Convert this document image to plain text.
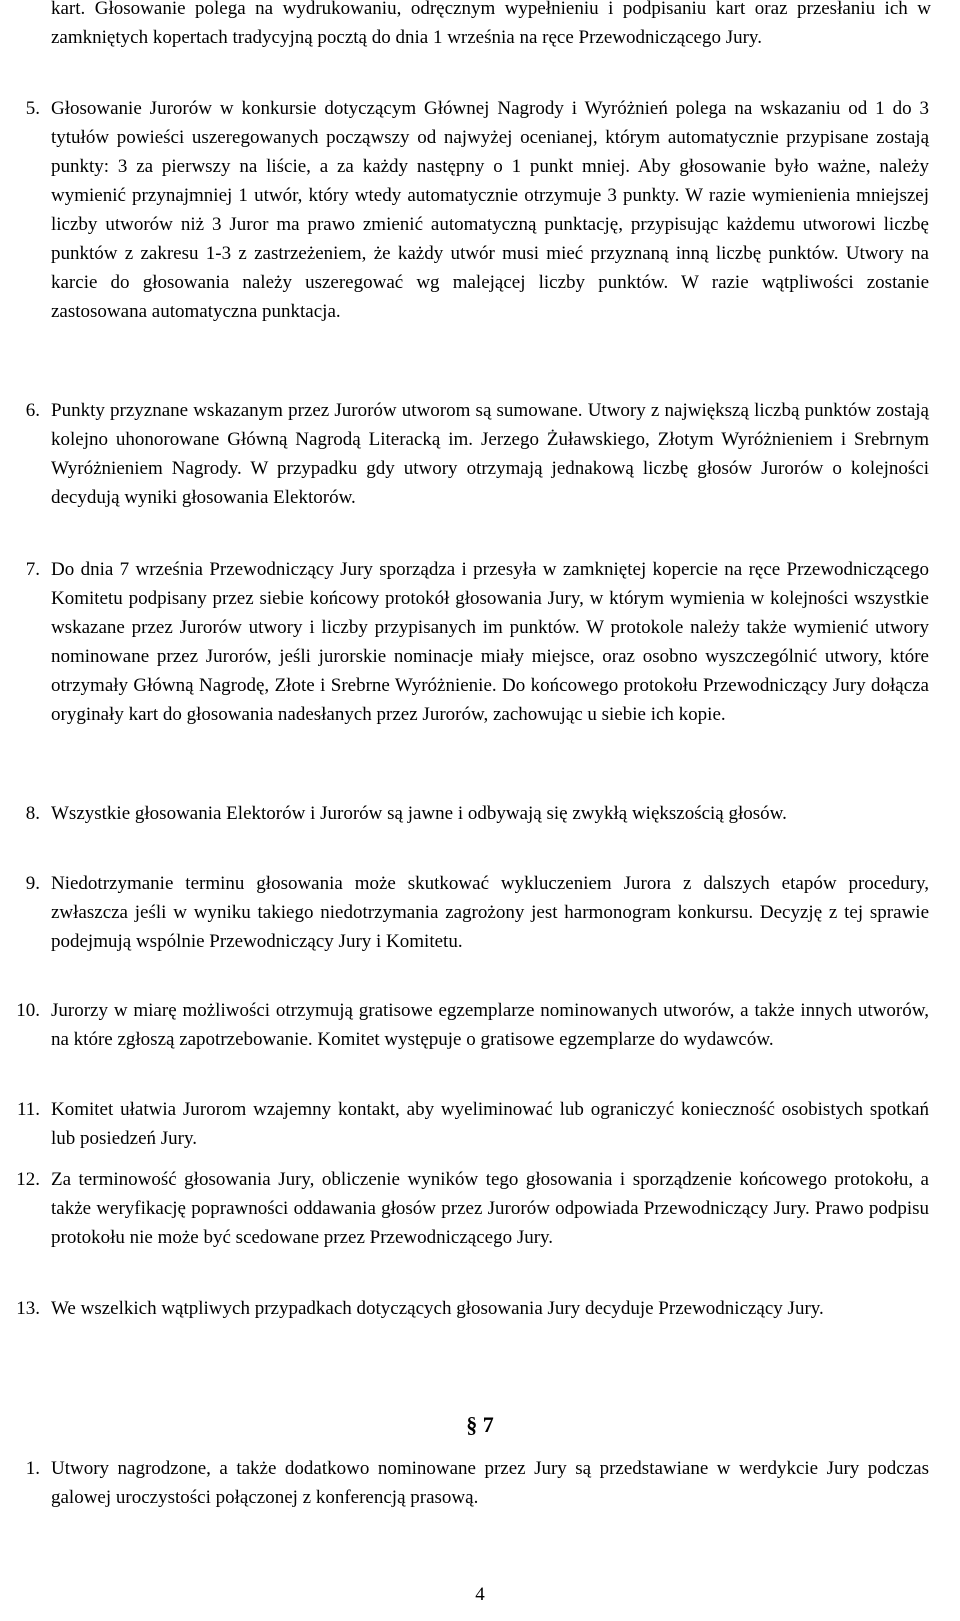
kart. Głosowanie polega na wydrukowaniu, odręcznym wypełnieniu i podpisaniu kart oraz przesłaniu ich w zamkniętych kopertach tradycyjną pocztą do dnia 1 września na ręce Przewodniczącego Jury.

5. Głosowanie Jurorów w konkursie dotyczącym Głównej Nagrody i Wyróżnień polega na wskazaniu od 1 do 3 tytułów powieści uszeregowanych począwszy od najwyżej ocenianej, którym automatycznie przypisane zostają punkty: 3 za pierwszy na liście, a za każdy następny o 1 punkt mniej. Aby głosowanie było ważne, należy wymienić przynajmniej 1 utwór, który wtedy automatycznie otrzymuje 3 punkty. W razie wymienienia mniejszej liczby utworów niż 3 Juror ma prawo zmienić automatyczną punktację, przypisując każdemu utworowi liczbę punktów z zakresu 1-3 z zastrzeżeniem, że każdy utwór musi mieć przyznaną inną liczbę punktów. Utwory na karcie do głosowania należy uszeregować wg malejącej liczby punktów. W razie wątpliwości zostanie zastosowana automatyczna punktacja.

6. Punkty przyznane wskazanym przez Jurorów utworom są sumowane. Utwory z największą liczbą punktów zostają kolejno uhonorowane Główną Nagrodą Literacką im. Jerzego Żuławskiego, Złotym Wyróżnieniem i Srebrnym Wyróżnieniem Nagrody. W przypadku gdy utwory otrzymają jednakową liczbę głosów Jurorów o kolejności decydują wyniki głosowania Elektorów.

7. Do dnia 7 września Przewodniczący Jury sporządza i przesyła w zamkniętej kopercie na ręce Przewodniczącego Komitetu podpisany przez siebie końcowy protokół głosowania Jury, w którym wymienia w kolejności wszystkie wskazane przez Jurorów utwory i liczby przypisanych im punktów. W protokole należy także wymienić utwory nominowane przez Jurorów, jeśli jurorskie nominacje miały miejsce, oraz osobno wyszczególnić utwory, które otrzymały Główną Nagrodę, Złote i Srebrne Wyróżnienie. Do końcowego protokołu Przewodniczący Jury dołącza oryginały kart do głosowania nadesłanych przez Jurorów, zachowując u siebie ich kopie.

8. Wszystkie głosowania Elektorów i Jurorów są jawne i odbywają się zwykłą większością głosów.

9. Niedotrzymanie terminu głosowania może skutkować wykluczeniem Jurora z dalszych etapów procedury, zwłaszcza jeśli w wyniku takiego niedotrzymania zagrożony jest harmonogram konkursu. Decyzję z tej sprawie podejmują wspólnie Przewodniczący Jury i Komitetu.

10. Jurorzy w miarę możliwości otrzymują gratisowe egzemplarze nominowanych utworów, a także innych utworów, na które zgłoszą zapotrzebowanie. Komitet występuje o gratisowe egzemplarze do wydawców.

11. Komitet ułatwia Jurorom wzajemny kontakt, aby wyeliminować lub ograniczyć konieczność osobistych spotkań lub posiedzeń Jury.

12. Za terminowość głosowania Jury, obliczenie wyników tego głosowania i sporządzenie końcowego protokołu, a także weryfikację poprawności oddawania głosów przez Jurorów odpowiada Przewodniczący Jury. Prawo podpisu protokołu nie może być scedowane przez Przewodniczącego Jury.

13. We wszelkich wątpliwych przypadkach dotyczących głosowania Jury decyduje Przewodniczący Jury.

§ 7
1. Utwory nagrodzone, a także dodatkowo nominowane przez Jury są przedstawiane w werdykcie Jury podczas galowej uroczystości połączonej z konferencją prasową.

4
